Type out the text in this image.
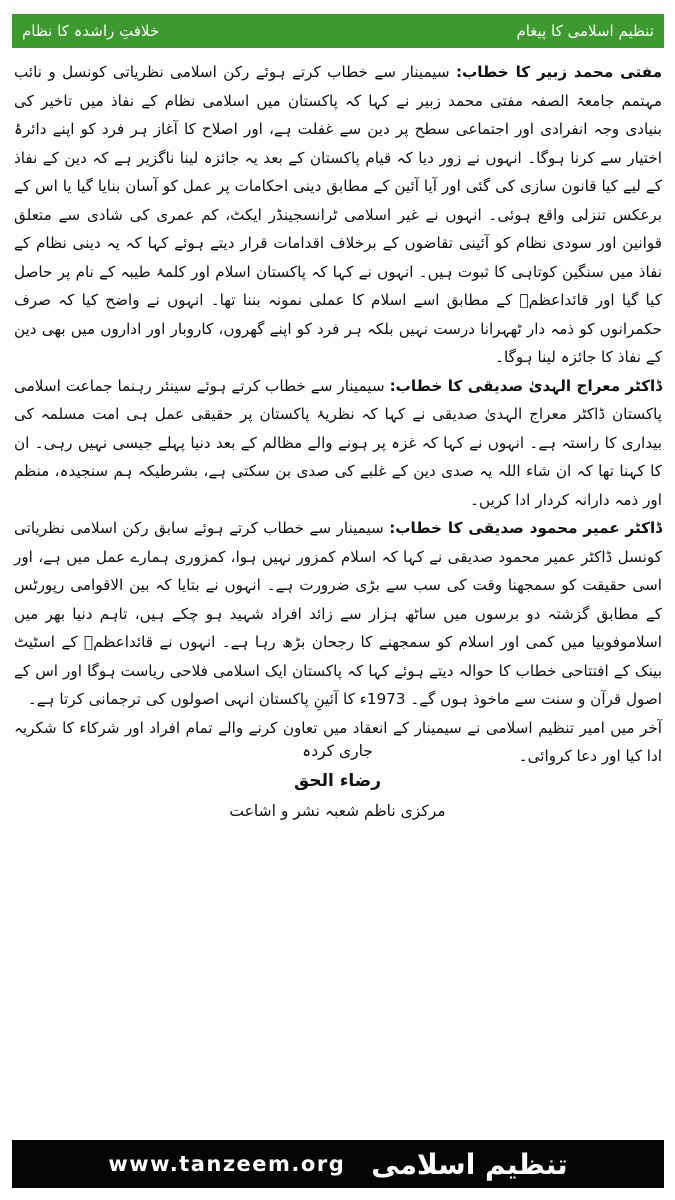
خلافتِ راشدہ کا نظام	تنظیم اسلامی کا پیغام

مفتی محمد زبیر کا خطاب: سیمینار سے خطاب کرتے ہوئے رکن اسلامی نظریاتی کونسل و نائب مہتمم جامعۃ الصفہ مفتی محمد زبیر نے کہا کہ پاکستان میں اسلامی نظام کے نفاذ میں تاخیر کی بنیادی وجہ انفرادی اور اجتماعی سطح پر دین سے غفلت ہے، اور اصلاح کا آغاز ہر فرد کو اپنے دائرۂ اختیار سے کرنا ہوگا۔ انہوں نے زور دیا کہ قیام پاکستان کے بعد یہ جائزہ لینا ناگزیر ہے کہ دین کے نفاذ کے لیے کیا قانون سازی کی گئی اور آیا آئین کے مطابق دینی احکامات پر عمل کو آسان بنایا گیا یا اس کے برعکس تنزلی واقع ہوئی۔ انہوں نے غیر اسلامی ٹرانسجینڈر ایکٹ، کم عمری کی شادی سے متعلق قوانین اور سودی نظام کو آئینی تقاضوں کے برخلاف اقدامات قرار دیتے ہوئے کہا کہ یہ دینی نظام کے نفاذ میں سنگین کوتاہی کا ثبوت ہیں۔ انہوں نے کہا کہ پاکستان اسلام اور کلمۂ طیبہ کے نام پر حاصل کیا گیا اور قائداعظمؒ کے مطابق اسے اسلام کا عملی نمونہ بننا تھا۔ انہوں نے واضح کیا کہ صرف حکمرانوں کو ذمہ دار ٹھہرانا درست نہیں بلکہ ہر فرد کو اپنے گھروں، کاروبار اور اداروں میں بھی دین کے نفاذ کا جائزہ لینا ہوگا۔

ڈاکٹر معراج الہدیٰ صدیقی کا خطاب: سیمینار سے خطاب کرتے ہوئے سینئر رہنما جماعت اسلامی پاکستان ڈاکٹر معراج الہدیٰ صدیقی نے کہا کہ نظریۂ پاکستان پر حقیقی عمل ہی امت مسلمہ کی بیداری کا راستہ ہے۔ انہوں نے کہا کہ غزہ پر ہونے والے مظالم کے بعد دنیا پہلے جیسی نہیں رہی۔ ان کا کہنا تھا کہ ان شاء اللہ یہ صدی دین کے غلبے کی صدی بن سکتی ہے، بشرطیکہ ہم سنجیدہ، منظم اور ذمہ دارانہ کردار ادا کریں۔

ڈاکٹر عمیر محمود صدیقی کا خطاب: سیمینار سے خطاب کرتے ہوئے سابق رکن اسلامی نظریاتی کونسل ڈاکٹر عمیر محمود صدیقی نے کہا کہ اسلام کمزور نہیں ہوا، کمزوری ہمارے عمل میں ہے، اور اسی حقیقت کو سمجھنا وقت کی سب سے بڑی ضرورت ہے۔ انہوں نے بتایا کہ بین الاقوامی رپورٹس کے مطابق گزشتہ دو برسوں میں ساٹھ ہزار سے زائد افراد شہید ہو چکے ہیں، تاہم دنیا بھر میں اسلاموفوبیا میں کمی اور اسلام کو سمجھنے کا رجحان بڑھ رہا ہے۔ انہوں نے قائداعظمؒ کے اسٹیٹ بینک کے افتتاحی خطاب کا حوالہ دیتے ہوئے کہا کہ پاکستان ایک اسلامی فلاحی ریاست ہوگا اور اس کے اصول قرآن و سنت سے ماخوذ ہوں گے۔ 1973ء کا آئینِ پاکستان انہی اصولوں کی ترجمانی کرتا ہے۔

آخر میں امیر تنظیم اسلامی نے سیمینار کے انعقاد میں تعاون کرنے والے تمام افراد اور شرکاء کا شکریہ ادا کیا اور دعا کروائی۔

جاری کردہ
رضاء الحق
مرکزی ناظم شعبہ نشر و اشاعت
www.tanzeem.org تنظیم اسلامی
